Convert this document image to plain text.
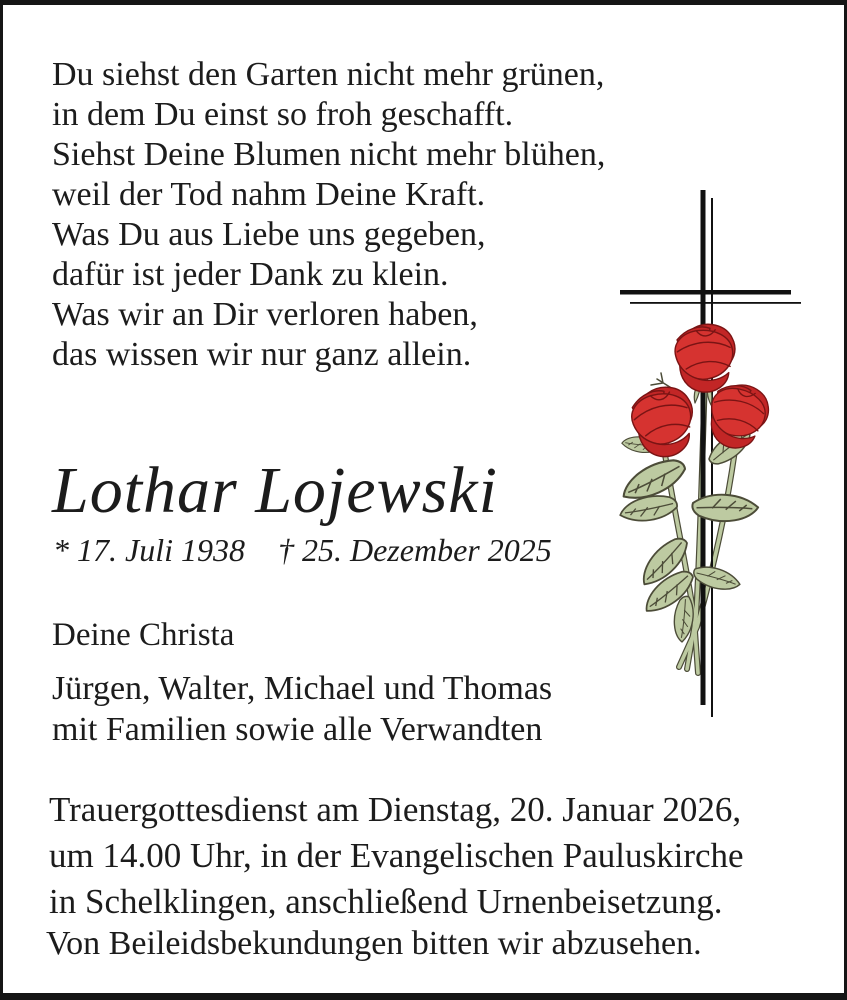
Du siehst den Garten nicht mehr grünen,
in dem Du einst so froh geschafft.
Siehst Deine Blumen nicht mehr blühen,
weil der Tod nahm Deine Kraft.
Was Du aus Liebe uns gegeben,
dafür ist jeder Dank zu klein.
Was wir an Dir verloren haben,
das wissen wir nur ganz allein.
Lothar Lojewski
* 17. Juli 1938 † 25. Dezember 2025
Deine Christa
Jürgen, Walter, Michael und Thomas
mit Familien sowie alle Verwandten
Trauergottesdienst am Dienstag, 20. Januar 2026,
um 14.00 Uhr, in der Evangelischen Pauluskirche
in Schelklingen, anschließend Urnenbeisetzung.
Von Beileidsbekundungen bitten wir abzusehen.
